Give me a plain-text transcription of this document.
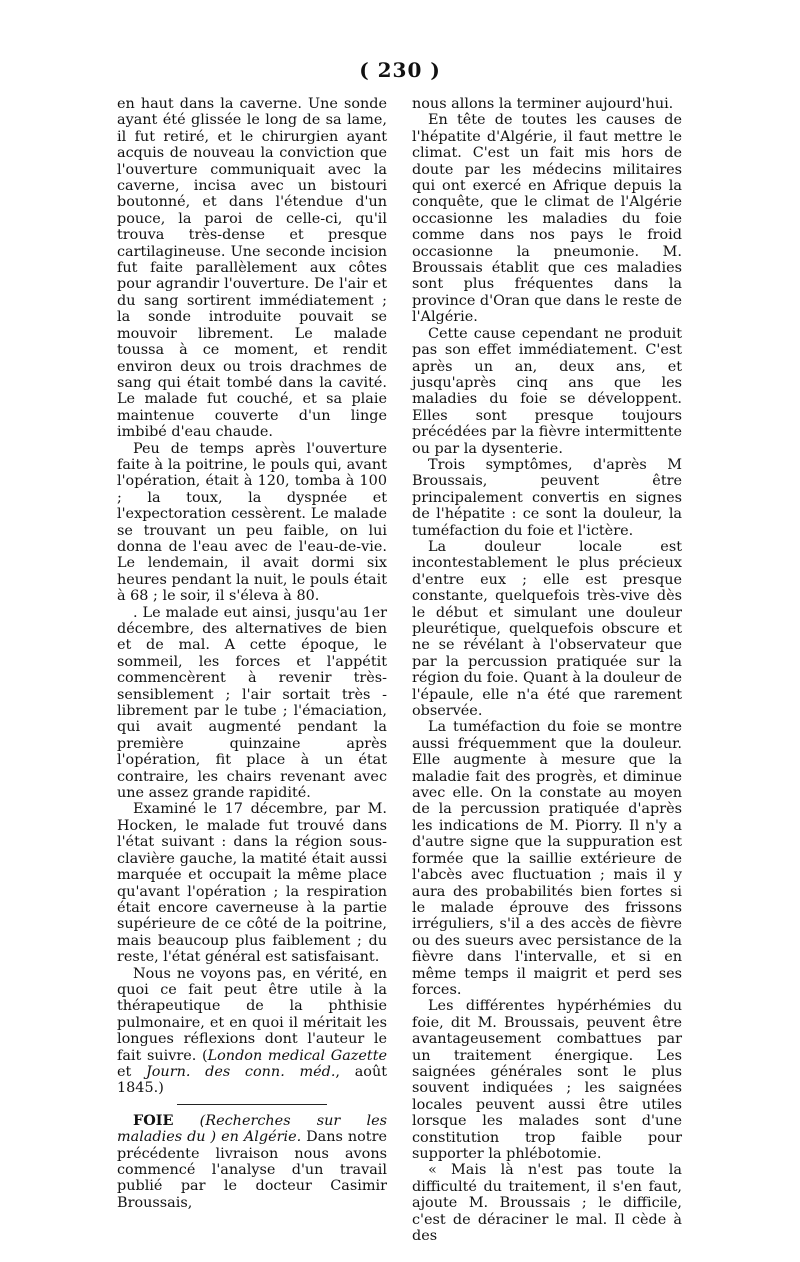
( 230 )

en haut dans la caverne. Une sonde ayant été glissée le long de sa lame, il fut retiré, et le chirurgien ayant acquis de nouveau la conviction que l'ouverture communiquait avec la caverne, incisa avec un bistouri boutonné, et dans l'étendue d'un pouce, la paroi de celle-ci, qu'il trouva très-dense et presque cartilagineuse. Une seconde incision fut faite parallèlement aux côtes pour agrandir l'ouverture. De l'air et du sang sortirent immédiatement ; la sonde introduite pouvait se mouvoir librement. Le malade toussa à ce moment, et rendit environ deux ou trois drachmes de sang qui était tombé dans la cavité. Le malade fut couché, et sa plaie maintenue couverte d'un linge imbibé d'eau chaude.

Peu de temps après l'ouverture faite à la poitrine, le pouls qui, avant l'opération, était à 120, tomba à 100 ; la toux, la dyspnée et l'expectoration cessèrent. Le malade se trouvant un peu faible, on lui donna de l'eau avec de l'eau-de-vie. Le lendemain, il avait dormi six heures pendant la nuit, le pouls était à 68 ; le soir, il s'éleva à 80.

. Le malade eut ainsi, jusqu'au 1er décembre, des alternatives de bien et de mal. A cette époque, le sommeil, les forces et l'appétit commencèrent à revenir très-sensiblement ; l'air sortait très - librement par le tube ; l'émaciation, qui avait augmenté pendant la première quinzaine après l'opération, fit place à un état contraire, les chairs revenant avec une assez grande rapidité.

Examiné le 17 décembre, par M. Hocken, le malade fut trouvé dans l'état suivant : dans la région sous-clavière gauche, la matité était aussi marquée et occupait la même place qu'avant l'opération ; la respiration était encore caverneuse à la partie supérieure de ce côté de la poitrine, mais beaucoup plus faiblement ; du reste, l'état général est satisfaisant.

Nous ne voyons pas, en vérité, en quoi ce fait peut être utile à la thérapeutique de la phthisie pulmonaire, et en quoi il méritait les longues réflexions dont l'auteur le fait suivre. (London medical Gazette et Journ. des conn. méd., août 1845.)

FOIE (Recherches sur les maladies du ) en Algérie. Dans notre précédente livraison nous avons commencé l'analyse d'un travail publié par le docteur Casimir Broussais,

nous allons la terminer aujourd'hui.

En tête de toutes les causes de l'hépatite d'Algérie, il faut mettre le climat. C'est un fait mis hors de doute par les médecins militaires qui ont exercé en Afrique depuis la conquête, que le climat de l'Algérie occasionne les maladies du foie comme dans nos pays le froid occasionne la pneumonie. M. Broussais établit que ces maladies sont plus fréquentes dans la province d'Oran que dans le reste de l'Algérie.

Cette cause cependant ne produit pas son effet immédiatement. C'est après un an, deux ans, et jusqu'après cinq ans que les maladies du foie se développent. Elles sont presque toujours précédées par la fièvre intermittente ou par la dysenterie.

Trois symptômes, d'après M Broussais, peuvent être principalement convertis en signes de l'hépatite : ce sont la douleur, la tuméfaction du foie et l'ictère.

La douleur locale est incontestablement le plus précieux d'entre eux ; elle est presque constante, quelquefois très-vive dès le début et simulant une douleur pleurétique, quelquefois obscure et ne se révélant à l'observateur que par la percussion pratiquée sur la région du foie. Quant à la douleur de l'épaule, elle n'a été que rarement observée.

La tuméfaction du foie se montre aussi fréquemment que la douleur. Elle augmente à mesure que la maladie fait des progrès, et diminue avec elle. On la constate au moyen de la percussion pratiquée d'après les indications de M. Piorry. Il n'y a d'autre signe que la suppuration est formée que la saillie extérieure de l'abcès avec fluctuation ; mais il y aura des probabilités bien fortes si le malade éprouve des frissons irréguliers, s'il a des accès de fièvre ou des sueurs avec persistance de la fièvre dans l'intervalle, et si en même temps il maigrit et perd ses forces.

Les différentes hypérhémies du foie, dit M. Broussais, peuvent être avantageusement combattues par un traitement énergique. Les saignées générales sont le plus souvent indiquées ; les saignées locales peuvent aussi être utiles lorsque les malades sont d'une constitution trop faible pour supporter la phlébotomie.

« Mais là n'est pas toute la difficulté du traitement, il s'en faut, ajoute M. Broussais ; le difficile, c'est de déraciner le mal. Il cède à des
